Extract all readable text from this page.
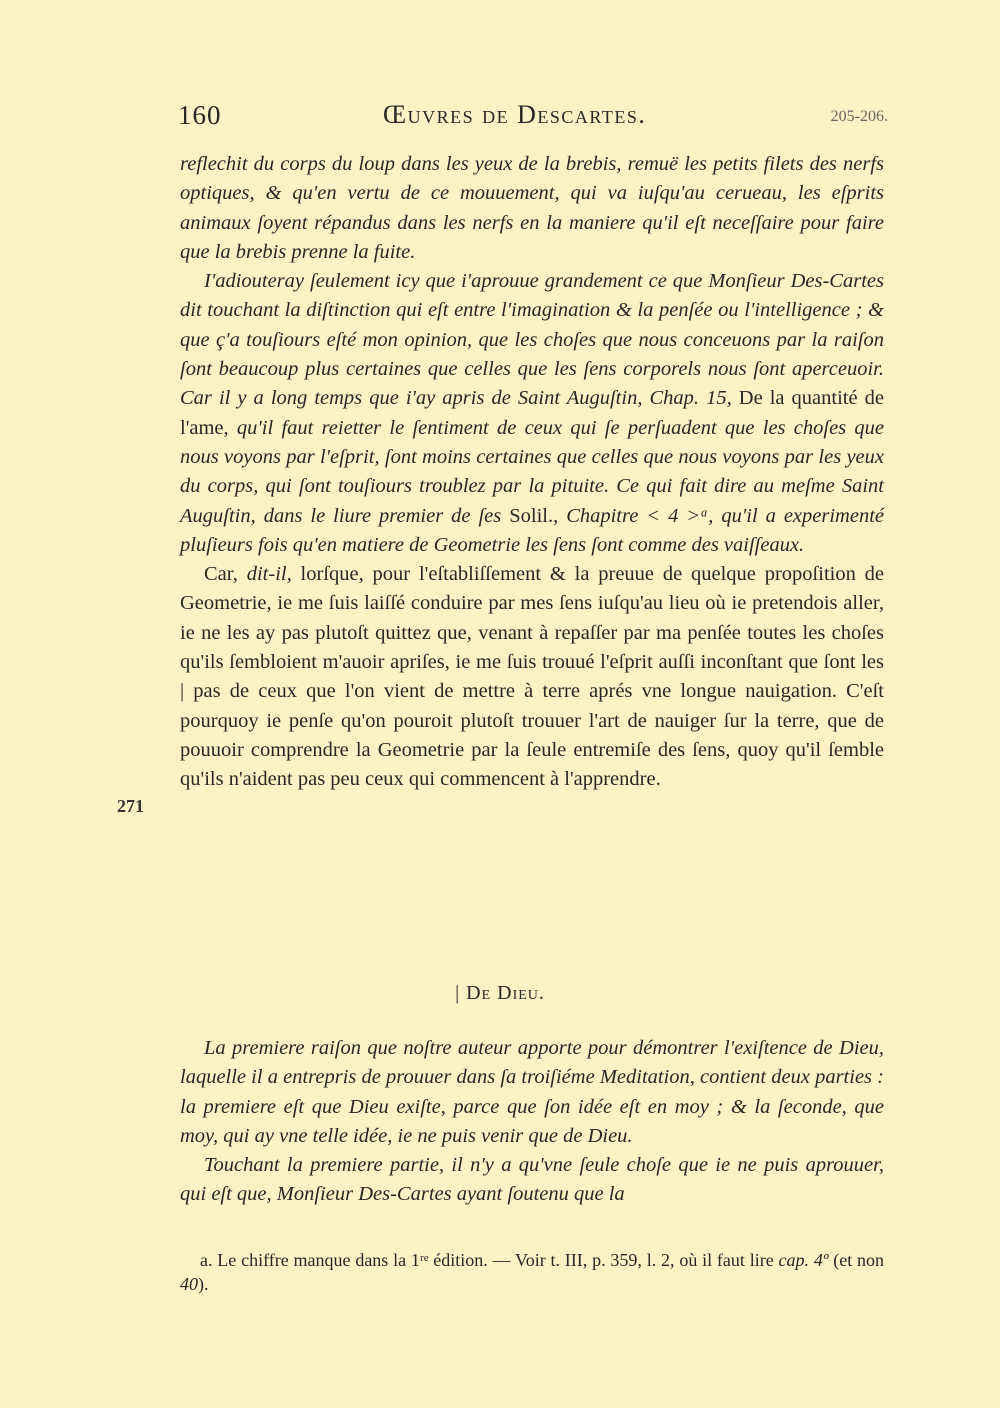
160	Œuvres de Descartes.	205-206.

reflechit du corps du loup dans les yeux de la brebis, remuë les petits filets des nerfs optiques, & qu'en vertu de ce mouuement, qui va iuſqu'au cerueau, les eſprits animaux ſoyent répandus dans les nerfs en la maniere qu'il eſt neceſſaire pour faire que la brebis prenne la fuite.

I'adiouteray ſeulement icy que i'aprouue grandement ce que Monſieur Des-Cartes dit touchant la diſtinction qui eſt entre l'imagination & la penſée ou l'intelligence ; & que ç'a touſiours eſté mon opinion, que les choſes que nous conceuons par la raiſon ſont beaucoup plus certaines que celles que les ſens corporels nous ſont aperceuoir. Car il y a long temps que i'ay apris de Saint Auguſtin, Chap. 15, De la quantité de l'ame, qu'il faut reietter le ſentiment de ceux qui ſe perſuadent que les choſes que nous voyons par l'eſprit, ſont moins certaines que celles que nous voyons par les yeux du corps, qui ſont touſiours troublez par la pituite. Ce qui fait dire au meſme Saint Auguſtin, dans le liure premier de ſes Solil., Chapitre < 4 >ᵃ, qu'il a experimenté pluſieurs fois qu'en matiere de Geometrie les ſens ſont comme des vaiſſeaux.

Car, dit-il, lorſque, pour l'eſtabliſſement & la preuue de quelque propoſition de Geometrie, ie me ſuis laiſſé conduire par mes ſens iuſqu'au lieu où ie pretendois aller, ie ne les ay pas plutoſt quittez que, venant à repaſſer par ma penſée toutes les choſes qu'ils ſembloient m'auoir apriſes, ie me ſuis trouué l'eſprit auſſi inconſtant que ſont les | pas de ceux que l'on vient de mettre à terre aprés vne longue nauigation. C'eſt pourquoy ie penſe qu'on pouroit plutoſt trouuer l'art de nauiger ſur la terre, que de pouuoir comprendre la Geometrie par la ſeule entremiſe des ſens, quoy qu'il ſemble qu'ils n'aident pas peu ceux qui commencent à l'apprendre.

271
| De Dieu.

La premiere raiſon que noſtre auteur apporte pour démontrer l'exiſtence de Dieu, laquelle il a entrepris de prouuer dans ſa troiſiéme Meditation, contient deux parties : la premiere eſt que Dieu exiſte, parce que ſon idée eſt en moy ; & la ſeconde, que moy, qui ay vne telle idée, ie ne puis venir que de Dieu.

Touchant la premiere partie, il n'y a qu'vne ſeule choſe que ie ne puis aprouuer, qui eſt que, Monſieur Des-Cartes ayant ſoutenu que la

a. Le chiffre manque dans la 1ʳᵉ édition. — Voir t. III, p. 359, l. 2, où il faut lire cap. 4º (et non 40).
